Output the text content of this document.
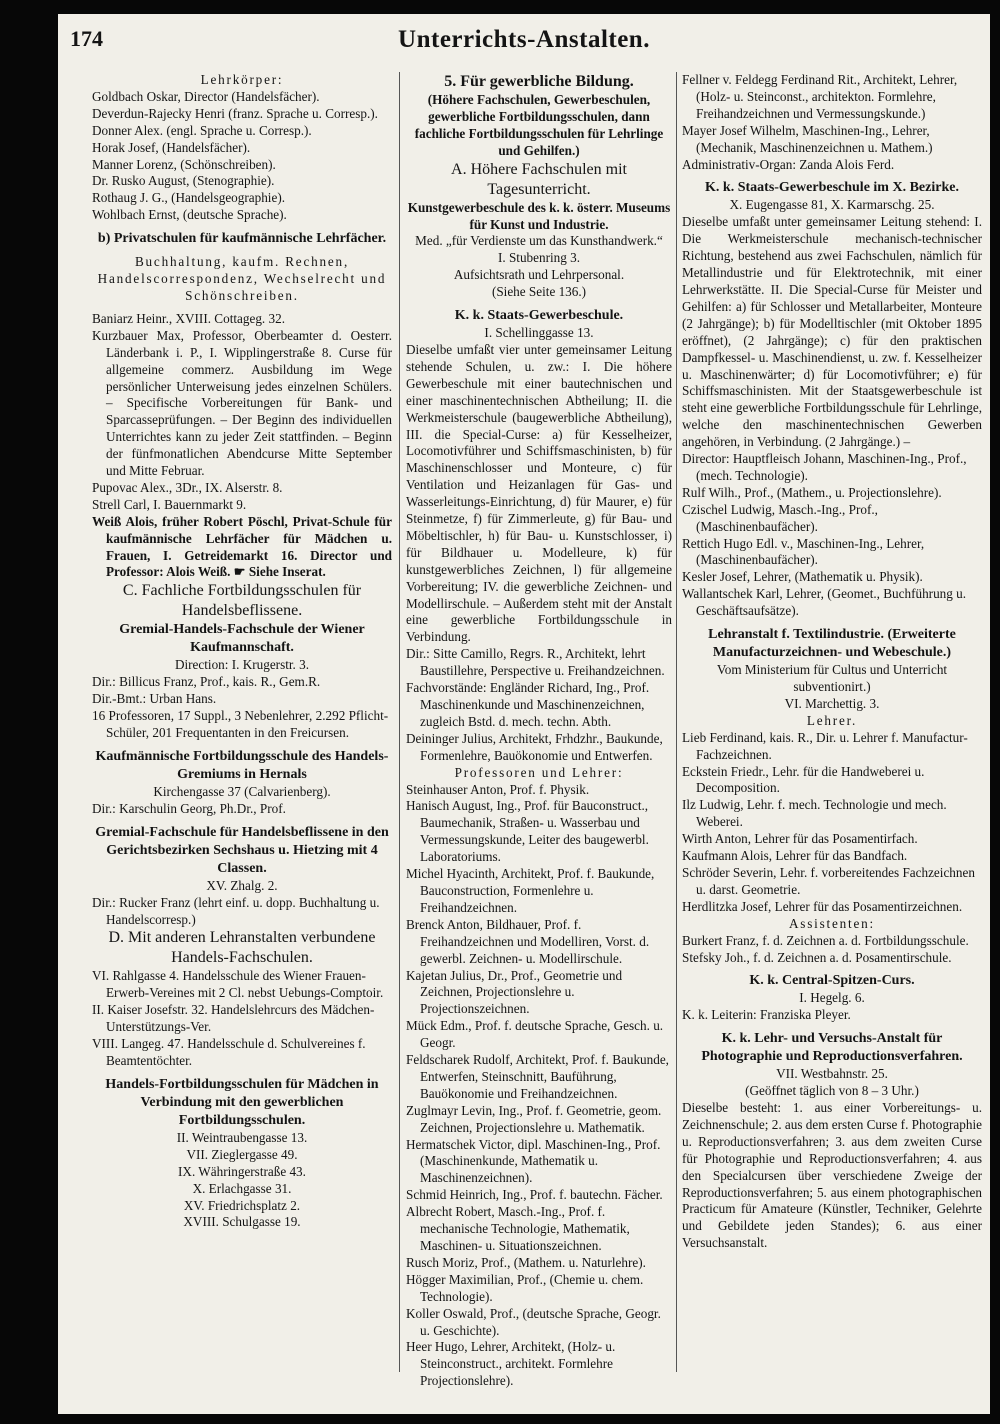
174	Unterrichts-Anstalten.
Lehrkörper:
Goldbach Oskar, Director (Handelsfächer).
Deverdun-Rajecky Henri (franz. Sprache u. Corresp.).
Donner Alex. (engl. Sprache u. Corresp.).
Horak Josef, (Handelsfächer).
Manner Lorenz, (Schönschreiben).
Dr. Rusko August, (Stenographie).
Rothaug J. G., (Handelsgeographie).
Wohlbach Ernst, (deutsche Sprache).
b) Privatschulen für kaufmännische Lehrfächer.
Buchhaltung, kaufm. Rechnen, Handelscorrespondenz, Wechselrecht und Schönschreiben.
Baniarz Heinr., XVIII. Cottageg. 32.
Kurzbauer Max, Professor, Oberbeamter d. Oesterr. Länderbank i. P., I. Wipplingerstraße 8. Curse für allgemeine commerz. Ausbildung im Wege persönlicher Unterweisung jedes einzelnen Schülers. – Specifische Vorbereitungen für Bank- und Sparcasseprüfungen. – Der Beginn des individuellen Unterrichtes kann zu jeder Zeit stattfinden. – Beginn der fünfmonatlichen Abendcurse Mitte September und Mitte Februar.
Pupovac Alex., 3Dr., IX. Alserstr. 8.
Strell Carl, I. Bauernmarkt 9.
Weiß Alois, früher Robert Pöschl, Privat-Schule für kaufmännische Lehrfächer für Mädchen u. Frauen, I. Getreidemarkt 16. Director und Professor: Alois Weiß. ☛ Siehe Inserat.
C. Fachliche Fortbildungsschulen für Handelsbeflissene.
Gremial-Handels-Fachschule der Wiener Kaufmannschaft.
Direction: I. Krugerstr. 3.
Dir.: Billicus Franz, Prof., kais. R., Gem.R.
Dir.-Bmt.: Urban Hans.
16 Professoren, 17 Suppl., 3 Nebenlehrer, 2.292 Pflicht-Schüler, 201 Frequentanten in den Freicursen.
Kaufmännische Fortbildungsschule des Handels-Gremiums in Hernals
Kirchengasse 37 (Calvarienberg).
Dir.: Karschulin Georg, Ph.Dr., Prof.
Gremial-Fachschule für Handelsbeflissene in den Gerichtsbezirken Sechshaus u. Hietzing mit 4 Classen.
XV. Zhalg. 2.
Dir.: Rucker Franz (lehrt einf. u. dopp. Buchhaltung u. Handelscorresp.)
D. Mit anderen Lehranstalten verbundene Handels-Fachschulen.
VI. Rahlgasse 4. Handelsschule des Wiener Frauen-Erwerb-Vereines mit 2 Cl. nebst Uebungs-Comptoir.
II. Kaiser Josefstr. 32. Handelslehrcurs des Mädchen-Unterstützungs-Ver.
VIII. Langeg. 47. Handelsschule d. Schulvereines f. Beamtentöchter.
Handels-Fortbildungsschulen für Mädchen in Verbindung mit den gewerblichen Fortbildungsschulen.
II. Weintraubengasse 13.
VII. Zieglergasse 49.
IX. Währingerstraße 43.
X. Erlachgasse 31.
XV. Friedrichsplatz 2.
XVIII. Schulgasse 19.
5. Für gewerbliche Bildung.
(Höhere Fachschulen, Gewerbeschulen, gewerbliche Fortbildungsschulen, dann fachliche Fortbildungsschulen für Lehrlinge und Gehilfen.)
A. Höhere Fachschulen mit Tagesunterricht.
Kunstgewerbeschule des k. k. österr. Museums für Kunst und Industrie.
Med. „für Verdienste um das Kunsthandwerk.“
I. Stubenring 3.
Aufsichtsrath und Lehrpersonal.
(Siehe Seite 136.)
K. k. Staats-Gewerbeschule.
I. Schellinggasse 13.
Dieselbe umfaßt vier unter gemeinsamer Leitung stehende Schulen, u. zw.: I. Die höhere Gewerbeschule mit einer bautechnischen und einer maschinentechnischen Abtheilung; II. die Werkmeisterschule (baugewerbliche Abtheilung), III. die Special-Curse: a) für Kesselheizer, Locomotivführer und Schiffsmaschinisten, b) für Maschinenschlosser und Monteure, c) für Ventilation und Heizanlagen für Gas- und Wasserleitungs-Einrichtung, d) für Maurer, e) für Steinmetze, f) für Zimmerleute, g) für Bau- und Möbeltischler, h) für Bau- u. Kunstschlosser, i) für Bildhauer u. Modelleure, k) für kunstgewerbliches Zeichnen, l) für allgemeine Vorbereitung; IV. die gewerbliche Zeichnen- und Modellirschule. – Außerdem steht mit der Anstalt eine gewerbliche Fortbildungsschule in Verbindung.
Dir.: Sitte Camillo, Regrs. R., Architekt, lehrt Baustillehre, Perspective u. Freihandzeichnen.
Fachvorstände: Engländer Richard, Ing., Prof. Maschinenkunde und Maschinenzeichnen, zugleich Bstd. d. mech. techn. Abth.
Deininger Julius, Architekt, Frhdzhr., Baukunde, Formenlehre, Bauökonomie und Entwerfen.
Professoren und Lehrer:
Steinhauser Anton, Prof. f. Physik.
Hanisch August, Ing., Prof. für Bauconstruct., Baumechanik, Straßen- u. Wasserbau und Vermessungskunde, Leiter des baugewerbl. Laboratoriums.
Michel Hyacinth, Architekt, Prof. f. Baukunde, Bauconstruction, Formenlehre u. Freihandzeichnen.
Brenck Anton, Bildhauer, Prof. f. Freihandzeichnen und Modelliren, Vorst. d. gewerbl. Zeichnen- u. Modellirschule.
Kajetan Julius, Dr., Prof., Geometrie und Zeichnen, Projectionslehre u. Projectionszeichnen.
Mück Edm., Prof. f. deutsche Sprache, Gesch. u. Geogr.
Feldscharek Rudolf, Architekt, Prof. f. Baukunde, Entwerfen, Steinschnitt, Bauführung, Bauökonomie und Freihandzeichnen.
Zuglmayr Levin, Ing., Prof. f. Geometrie, geom. Zeichnen, Projectionslehre u. Mathematik.
Hermatschek Victor, dipl. Maschinen-Ing., Prof. (Maschinenkunde, Mathematik u. Maschinenzeichnen).
Schmid Heinrich, Ing., Prof. f. bautechn. Fächer.
Albrecht Robert, Masch.-Ing., Prof. f. mechanische Technologie, Mathematik, Maschinen- u. Situationszeichnen.
Rusch Moriz, Prof., (Mathem. u. Naturlehre).
Högger Maximilian, Prof., (Chemie u. chem. Technologie).
Koller Oswald, Prof., (deutsche Sprache, Geogr. u. Geschichte).
Heer Hugo, Lehrer, Architekt, (Holz- u. Steinconstruct., architekt. Formlehre Projectionslehre).
Fellner v. Feldegg Ferdinand Rit., Architekt, Lehrer, (Holz- u. Steinconst., architekton. Formlehre, Freihandzeichnen und Vermessungskunde.)
Mayer Josef Wilhelm, Maschinen-Ing., Lehrer, (Mechanik, Maschinenzeichnen u. Mathem.)
Administrativ-Organ: Zanda Alois Ferd.
K. k. Staats-Gewerbeschule im X. Bezirke.
X. Eugengasse 81, X. Karmarschg. 25.
Dieselbe umfaßt unter gemeinsamer Leitung stehend: I. Die Werkmeisterschule mechanisch-technischer Richtung, bestehend aus zwei Fachschulen, nämlich für Metallindustrie und für Elektrotechnik, mit einer Lehrwerkstätte. II. Die Special-Curse für Meister und Gehilfen: a) für Schlosser und Metallarbeiter, Monteure (2 Jahrgänge); b) für Modelltischler (mit Oktober 1895 eröffnet), (2 Jahrgänge); c) für den praktischen Dampfkessel- u. Maschinendienst, u. zw. f. Kesselheizer u. Maschinenwärter; d) für Locomotivführer; e) für Schiffsmaschinisten. Mit der Staatsgewerbeschule ist steht eine gewerbliche Fortbildungsschule für Lehrlinge, welche den maschinentechnischen Gewerben angehören, in Verbindung. (2 Jahrgänge.) –
Director: Hauptfleisch Johann, Maschinen-Ing., Prof., (mech. Technologie).
Rulf Wilh., Prof., (Mathem., u. Projectionslehre).
Czischel Ludwig, Masch.-Ing., Prof., (Maschinenbaufächer).
Rettich Hugo Edl. v., Maschinen-Ing., Lehrer, (Maschinenbaufächer).
Kesler Josef, Lehrer, (Mathematik u. Physik).
Wallantschek Karl, Lehrer, (Geomet., Buchführung u. Geschäftsaufsätze).
Lehranstalt f. Textilindustrie. (Erweiterte Manufacturzeichnen- und Webeschule.)
Vom Ministerium für Cultus und Unterricht subventionirt.)
VI. Marchettig. 3.
Lehrer.
Lieb Ferdinand, kais. R., Dir. u. Lehrer f. Manufactur-Fachzeichnen.
Eckstein Friedr., Lehr. für die Handweberei u. Decomposition.
Ilz Ludwig, Lehr. f. mech. Technologie und mech. Weberei.
Wirth Anton, Lehrer für das Posamentirfach.
Kaufmann Alois, Lehrer für das Bandfach.
Schröder Severin, Lehr. f. vorbereitendes Fachzeichnen u. darst. Geometrie.
Herdlitzka Josef, Lehrer für das Posamentirzeichnen.
Assistenten:
Burkert Franz, f. d. Zeichnen a. d. Fortbildungsschule.
Stefsky Joh., f. d. Zeichnen a. d. Posamentirschule.
K. k. Central-Spitzen-Curs.
I. Hegelg. 6.
K. k. Leiterin: Franziska Pleyer.
K. k. Lehr- und Versuchs-Anstalt für Photographie und Reproductionsverfahren.
VII. Westbahnstr. 25.
(Geöffnet täglich von 8 – 3 Uhr.)
Dieselbe besteht: 1. aus einer Vorbereitungs- u. Zeichnenschule; 2. aus dem ersten Curse f. Photographie u. Reproductionsverfahren; 3. aus dem zweiten Curse für Photographie und Reproductionsverfahren; 4. aus den Specialcursen über verschiedene Zweige der Reproductionsverfahren; 5. aus einem photographischen Practicum für Amateure (Künstler, Techniker, Gelehrte und Gebildete jeden Standes); 6. aus einer Versuchsanstalt.
